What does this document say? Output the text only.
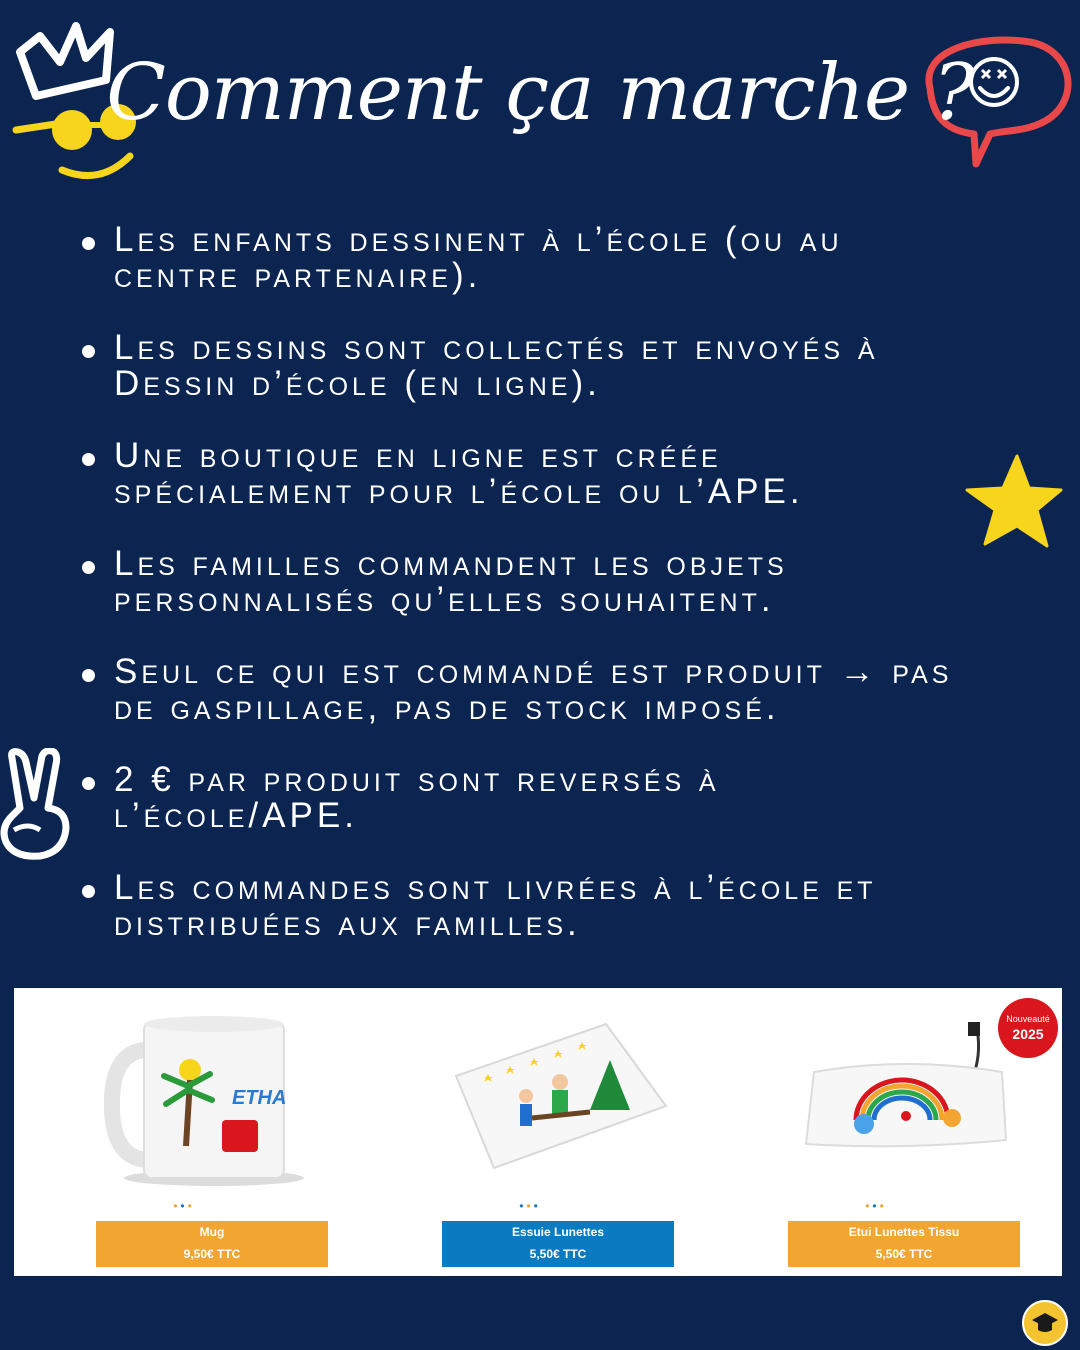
Comment ça marche ?
Les enfants dessinent à l’école (ou au
centre partenaire).
Les dessins sont collectés et envoyés à
Dessin d’école (en ligne).
Une boutique en ligne est créée
spécialement pour l’école ou l’APE.
Les familles commandent les objets
personnalisés qu’elles souhaitent.
Seul ce qui est commandé est produit → pas
de gaspillage, pas de stock imposé.
2 € par produit sont reversés à
l’école/APE.
Les commandes sont livrées à l’école et
distribuées aux familles.
ETHA
•••
Mug
9,50€ TTC
•••
Essuie Lunettes
5,50€ TTC
•••
Etui Lunettes Tissu
5,50€ TTC
Nouveauté
2025
